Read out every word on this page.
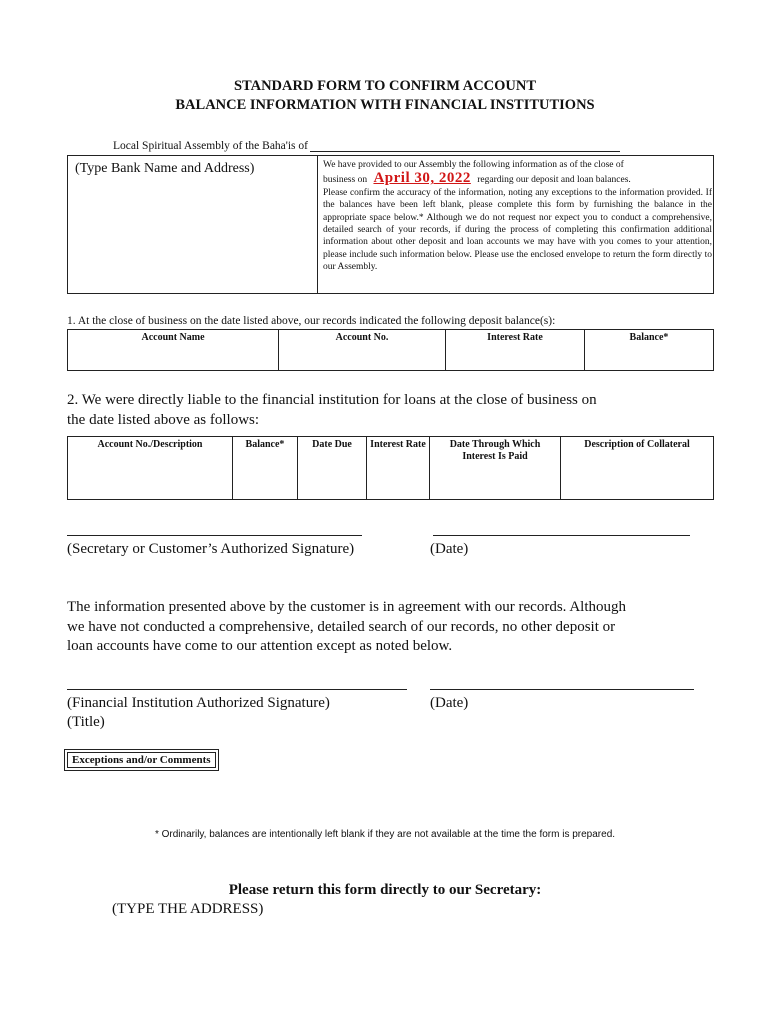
STANDARD FORM TO CONFIRM ACCOUNT
BALANCE INFORMATION WITH FINANCIAL INSTITUTIONS
Local Spiritual Assembly of the Baha'is of
(Type Bank Name and Address)	We have provided to our Assembly the following information as of the close of
business on April 30, 2022 regarding our deposit and loan balances.
Please confirm the accuracy of the information, noting any exceptions to the information provided. If the balances have been left blank, please complete this form by furnishing the balance in the appropriate space below.* Although we do not request nor expect you to conduct a comprehensive, detailed search of your records, if during the process of completing this confirmation additional information about other deposit and loan accounts we may have with you comes to your attention, please include such information below. Please use the enclosed envelope to return the form directly to our Assembly.
1. At the close of business on the date listed above, our records indicated the following deposit balance(s):
Account Name	Account No.	Interest Rate	Balance*
2. We were directly liable to the financial institution for loans at the close of business on
the date listed above as follows:
Account No./Description	Balance*	Date Due	Interest Rate	Date Through Which Interest Is Paid	Description of Collateral
(Secretary or Customer’s Authorized Signature)	(Date)
The information presented above by the customer is in agreement with our records. Although
we have not conducted a comprehensive, detailed search of our records, no other deposit or
loan accounts have come to our attention except as noted below.
(Financial Institution Authorized Signature)	(Date)
(Title)
Exceptions and/or Comments
* Ordinarily, balances are intentionally left blank if they are not available at the time the form is prepared.
Please return this form directly to our Secretary:
(TYPE THE ADDRESS)
